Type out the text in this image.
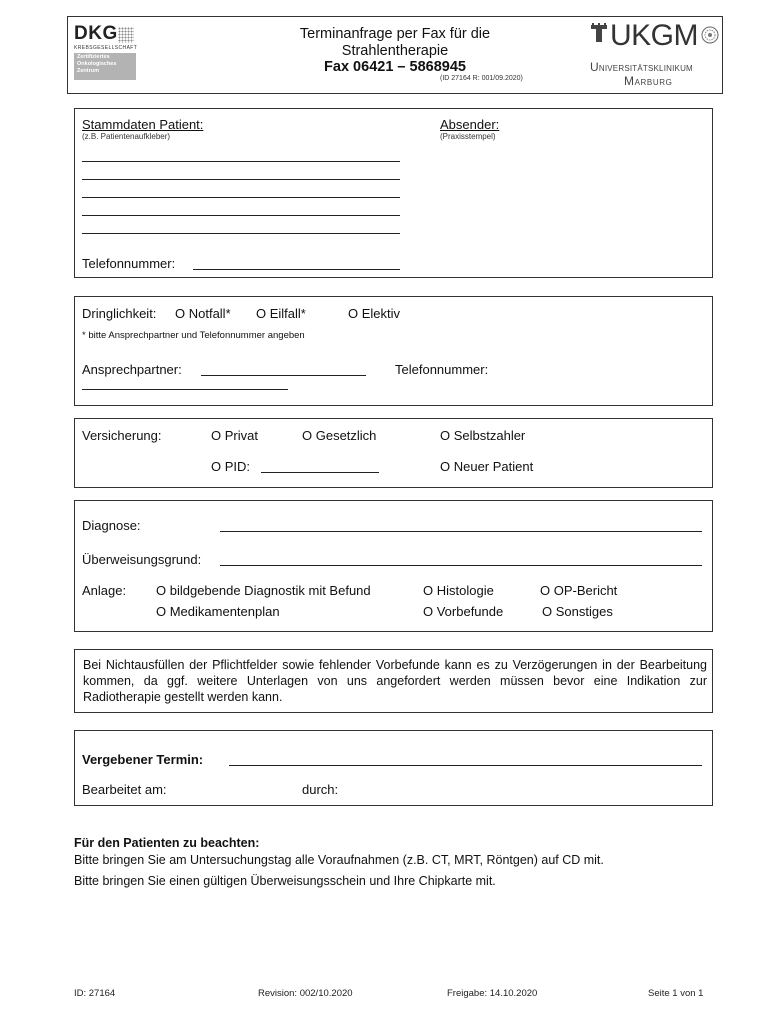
DKG
KREBSGESELLSCHAFT
Zertifiziertes
Onkologisches
Zentrum
Terminanfrage per Fax für die
Strahlentherapie
Fax 06421 – 5868945
(ID 27164 R: 001/09.2020)
UKGM
Universitätsklinikum
Marburg
Stammdaten Patient:
(z.B. Patientenaufkleber)
Absender:
(Praxisstempel)
Telefonnummer:
Dringlichkeit: O Notfall* O Eilfall*	O Elektiv
* bitte Ansprechpartner und Telefonnummer angeben
Ansprechpartner:	Telefonnummer:
Versicherung:	O Privat	O Gesetzlich	O Selbstzahler
O PID:	O Neuer Patient
Diagnose:
Überweisungsgrund:
Anlage: O bildgebende Diagnostik mit Befund	O Histologie	O OP-Bericht
O Medikamentenplan	O Vorbefunde	O Sonstiges
Bei Nichtausfüllen der Pflichtfelder sowie fehlender Vorbefunde kann es zu Verzögerungen in der Bearbeitung kommen, da ggf. weitere Unterlagen von uns angefordert werden müssen bevor eine Indikation zur Radiotherapie gestellt werden kann.
Vergebener Termin:
Bearbeitet am:	durch:
Für den Patienten zu beachten:
Bitte bringen Sie am Untersuchungstag alle Voraufnahmen (z.B. CT, MRT, Röntgen) auf CD mit.
Bitte bringen Sie einen gültigen Überweisungsschein und Ihre Chipkarte mit.
ID: 27164	Revision: 002/10.2020	Freigabe: 14.10.2020	Seite 1 von 1
